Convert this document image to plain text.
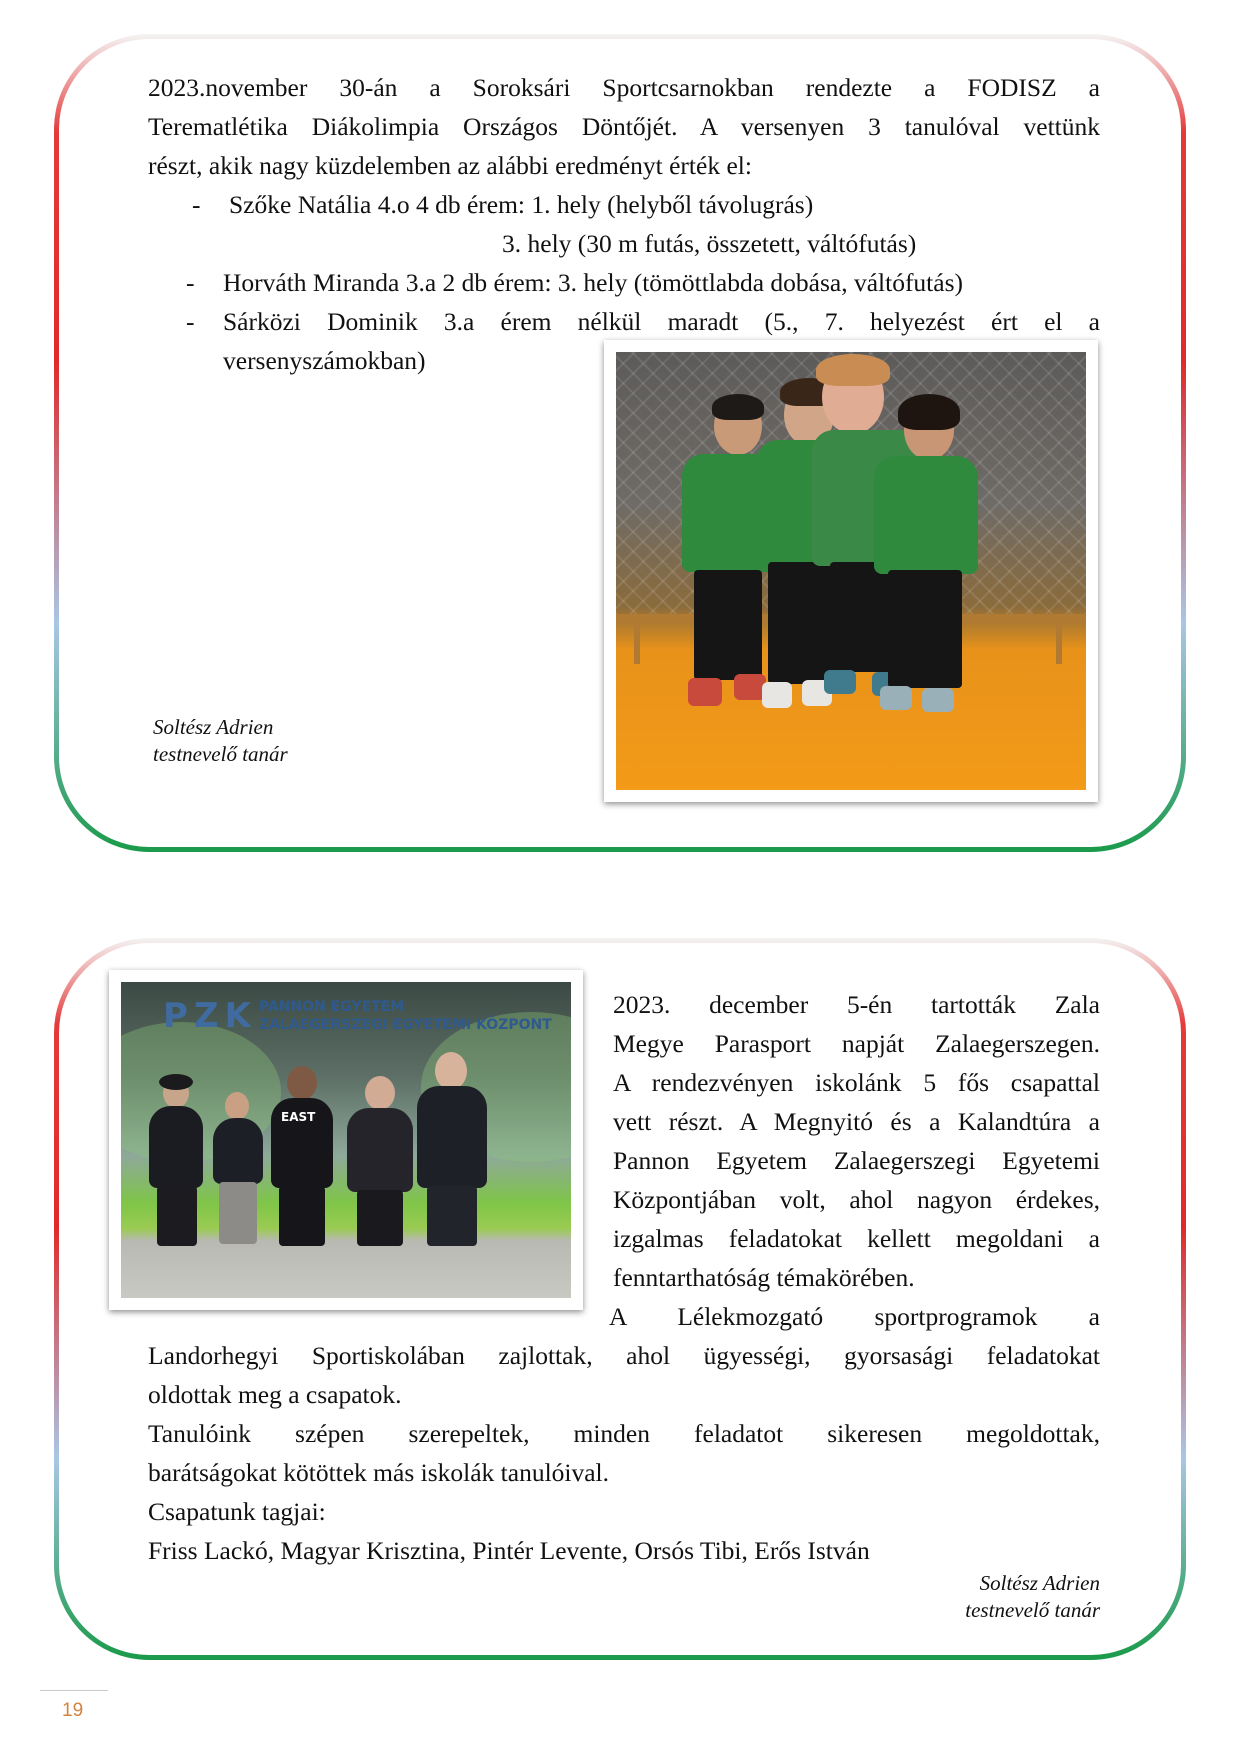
2023.november 30-án a Soroksári Sportcsarnokban rendezte a FODISZ a
Terematlétika Diákolimpia Országos Döntőjét. A versenyen 3 tanulóval vettünk
részt, akik nagy küzdelemben az alábbi eredményt érték el:
- Szőke Natália 4.o 4 db érem: 1. hely (helyből távolugrás)
3. hely (30 m futás, összetett, váltófutás)
- Horváth Miranda 3.a 2 db érem: 3. hely (tömöttlabda dobása, váltófutás)
- Sárközi Dominik 3.a érem nélkül maradt (5., 7. helyezést ért el a
versenyszámokban)
Soltész Adrien
testnevelő tanár
PZK PANNON EGYETEM
ZALAEGERSZEGI EGYETEMI KÖZPONT
EAST
2023. december 5-én tartották Zala
Megye Parasport napját Zalaegerszegen.
A rendezvényen iskolánk 5 fős csapattal
vett részt. A Megnyitó és a Kalandtúra a
Pannon Egyetem Zalaegerszegi Egyetemi
Központjában volt, ahol nagyon érdekes,
izgalmas feladatokat kellett megoldani a
fenntarthatóság témakörében.
A Lélekmozgató sportprogramok a
Landorhegyi Sportiskolában zajlottak, ahol ügyességi, gyorsasági feladatokat
oldottak meg a csapatok.
Tanulóink szépen szerepeltek, minden feladatot sikeresen megoldottak,
barátságokat kötöttek más iskolák tanulóival.
Csapatunk tagjai:
Friss Lackó, Magyar Krisztina, Pintér Levente, Orsós Tibi, Erős István
Soltész Adrien
testnevelő tanár
19
